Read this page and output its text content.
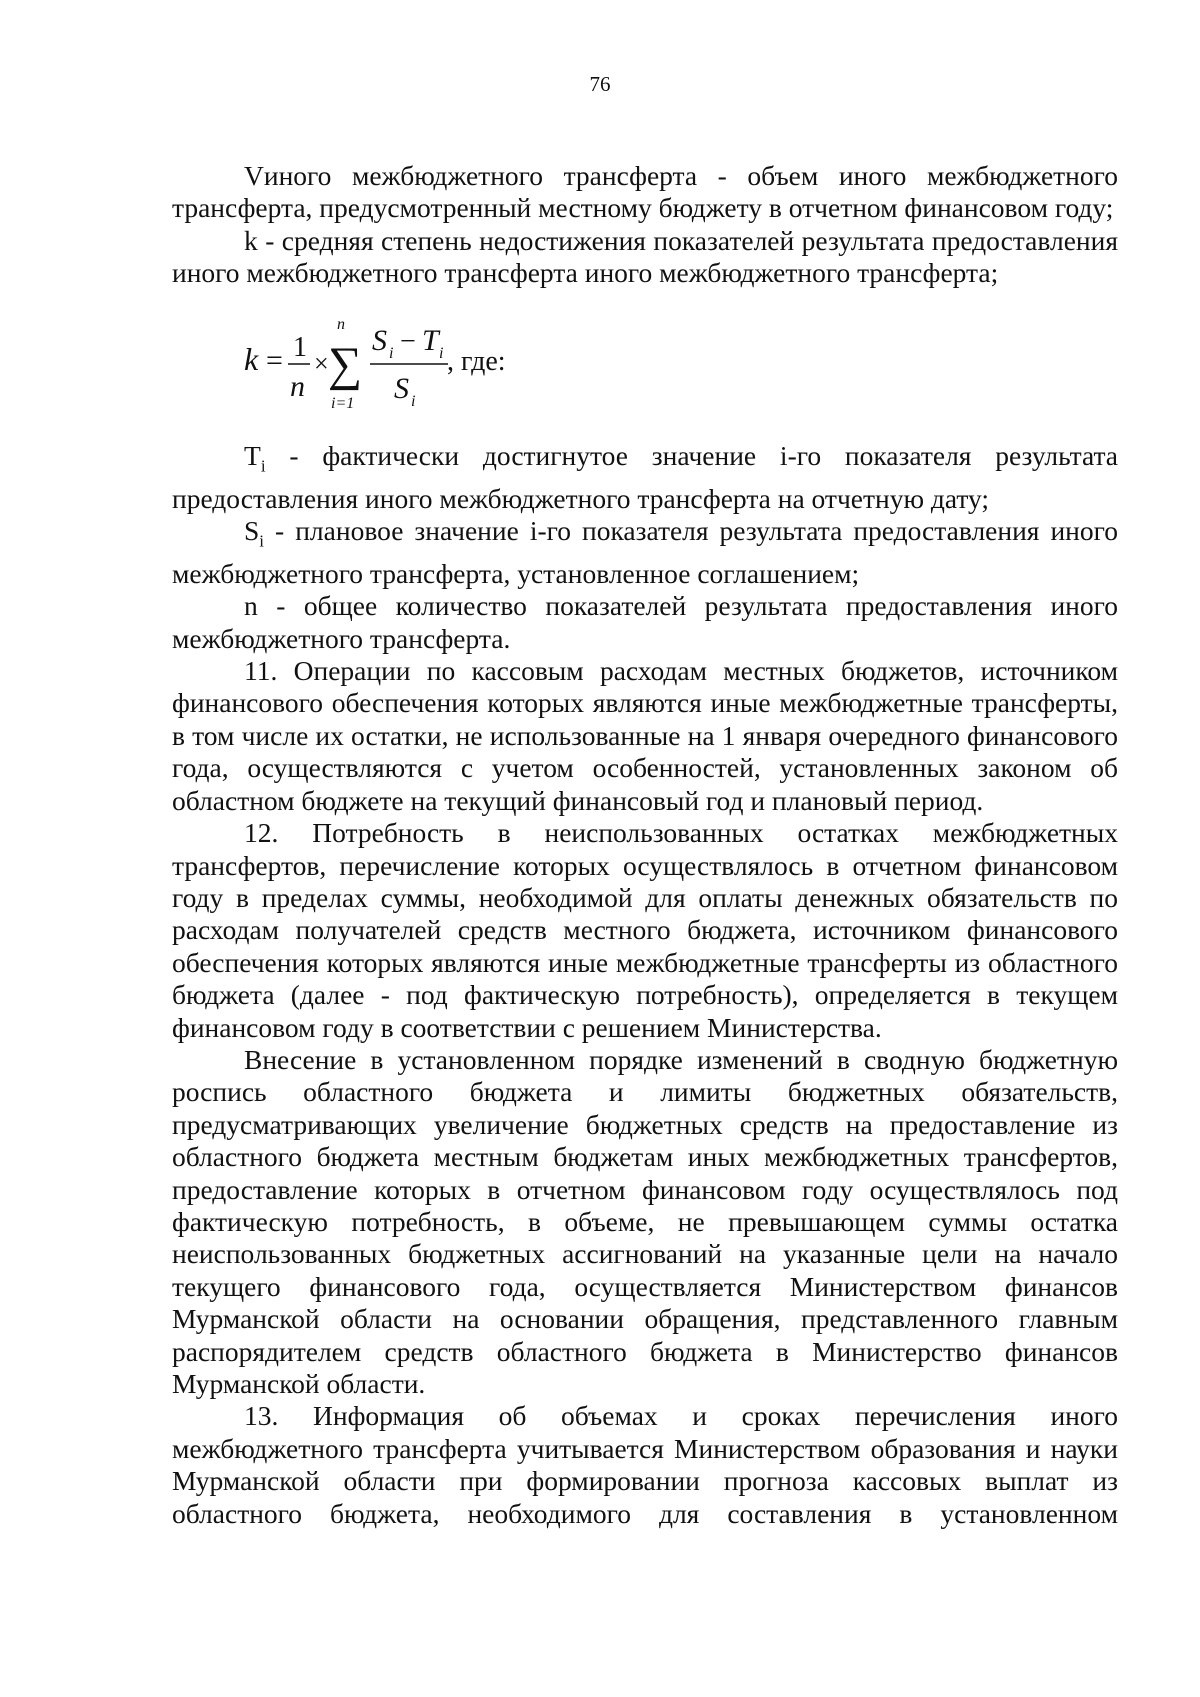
76

Vиного межбюджетного трансферта - объем иного межбюджетного трансферта, предусмотренный местному бюджету в отчетном финансовом году;

k - средняя степень недостижения показателей результата предоставления иного межбюджетного трансферта иного межбюджетного трансферта;

k = 1
n
×
n
∑
i=1
S i − T i
S i
, где:

$T_i$ - фактически достигнутое значение i-го показателя результата предоставления иного межбюджетного трансферта на отчетную дату;

$S_i$ - плановое значение i-го показателя результата предоставления иного межбюджетного трансферта, установленное соглашением;

n - общее количество показателей результата предоставления иного межбюджетного трансферта.

11. Операции по кассовым расходам местных бюджетов, источником финансового обеспечения которых являются иные межбюджетные трансферты, в том числе их остатки, не использованные на 1 января очередного финансового года, осуществляются с учетом особенностей, установленных законом об областном бюджете на текущий финансовый год и плановый период.

12. Потребность в неиспользованных остатках межбюджетных трансфертов, перечисление которых осуществлялось в отчетном финансовом году в пределах суммы, необходимой для оплаты денежных обязательств по расходам получателей средств местного бюджета, источником финансового обеспечения которых являются иные межбюджетные трансферты из областного бюджета (далее - под фактическую потребность), определяется в текущем финансовом году в соответствии с решением Министерства.

Внесение в установленном порядке изменений в сводную бюджетную роспись областного бюджета и лимиты бюджетных обязательств, предусматривающих увеличение бюджетных средств на предоставление из областного бюджета местным бюджетам иных межбюджетных трансфертов, предоставление которых в отчетном финансовом году осуществлялось под фактическую потребность, в объеме, не превышающем суммы остатка неиспользованных бюджетных ассигнований на указанные цели на начало текущего финансового года, осуществляется Министерством финансов Мурманской области на основании обращения, представленного главным распорядителем средств областного бюджета в Министерство финансов Мурманской области.

13. Информация об объемах и сроках перечисления иного межбюджетного трансферта учитывается Министерством образования и науки Мурманской области при формировании прогноза кассовых выплат из областного бюджета, необходимого для составления в установленном
